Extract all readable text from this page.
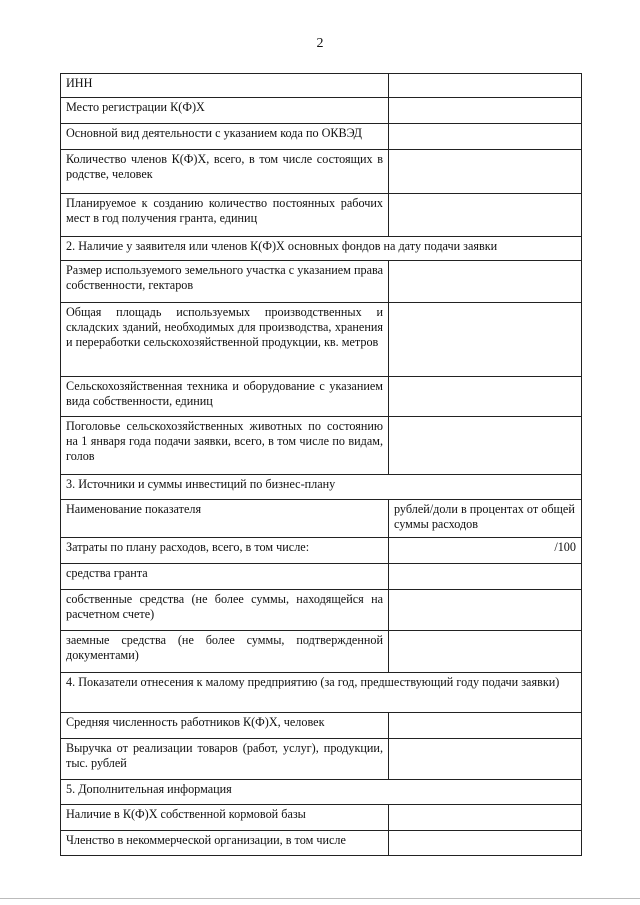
2
ИНН	
Место регистрации К(Ф)Х	
Основной вид деятельности с указанием кода по ОКВЭД	
Количество членов К(Ф)Х, всего, в том числе состоящих в родстве, человек	
Планируемое к созданию количество постоянных рабочих мест в год получения гранта, единиц	
2. Наличие у заявителя или членов К(Ф)Х основных фондов на дату подачи заявки	
Размер используемого земельного участка с указанием права собственности, гектаров	
Общая площадь используемых производственных и складских зданий, необходимых для производства, хранения и переработки сельскохозяйственной продукции, кв. метров	
Сельскохозяйственная техника и оборудование с указанием вида собственности, единиц	
Поголовье сельскохозяйственных животных по состоянию на 1 января года подачи заявки, всего, в том числе по видам, голов	
3. Источники и суммы инвестиций по бизнес-плану	
Наименование показателя	рублей/доли в процентах от общей суммы расходов
Затраты по плану расходов, всего, в том числе:	/100
средства гранта	
собственные средства (не более суммы, находящейся на расчетном счете)	
заемные средства (не более суммы, подтвержденной документами)	
4. Показатели отнесения к малому предприятию (за год, предшествующий году подачи заявки)	
Средняя численность работников К(Ф)Х, человек	
Выручка от реализации товаров (работ, услуг), продукции, тыс. рублей	
5. Дополнительная информация	
Наличие в К(Ф)Х собственной кормовой базы	
Членство в некоммерческой организации, в том числе	
